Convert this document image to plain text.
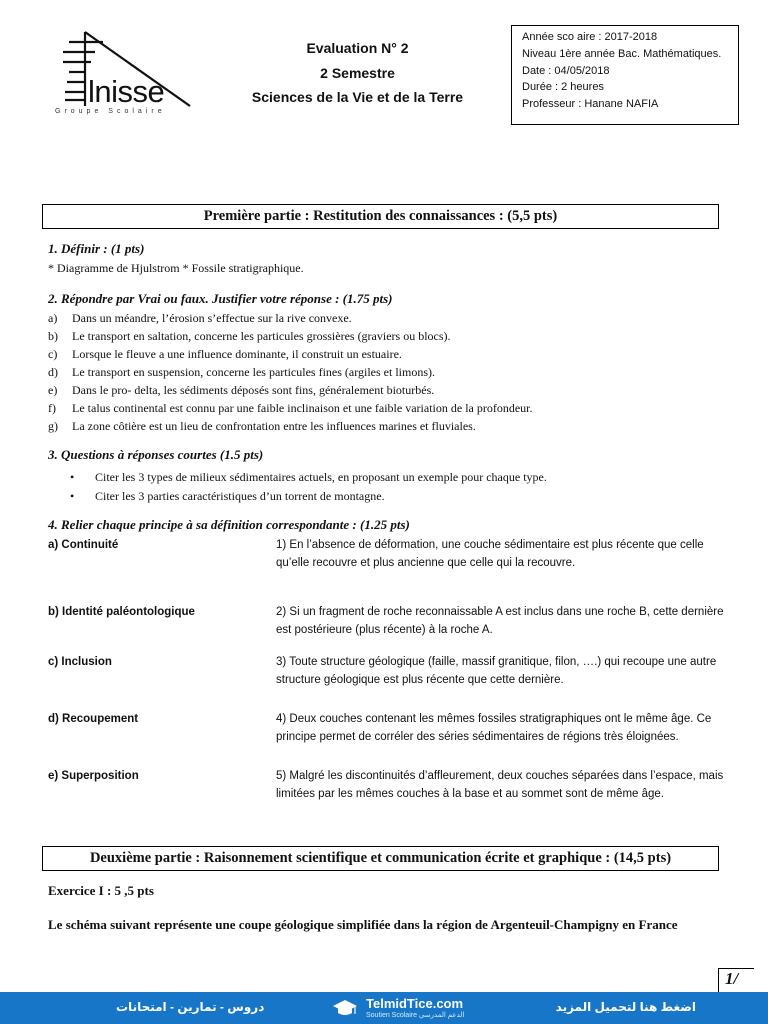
lnisse
Groupe Scolaire
Evaluation N° 2
2 Semestre
Sciences de la Vie et de la Terre
Année sco aire : 2017-2018
Niveau 1ère année Bac. Mathématiques.
Date : 04/05/2018
Durée : 2 heures
Professeur : Hanane NAFIA
Première partie : Restitution des connaissances : (5,5 pts)
1. Définir : (1 pts)
* Diagramme de Hjulstrom * Fossile stratigraphique.
2. Répondre par Vrai ou faux. Justifier votre réponse : (1.75 pts)
a) Dans un méandre, l’érosion s’effectue sur la rive convexe.
b) Le transport en saltation, concerne les particules grossières (graviers ou blocs).
c) Lorsque le fleuve a une influence dominante, il construit un estuaire.
d) Le transport en suspension, concerne les particules fines (argiles et limons).
e) Dans le pro- delta, les sédiments déposés sont fins, généralement bioturbés.
f) Le talus continental est connu par une faible inclinaison et une faible variation de la profondeur.
g) La zone côtière est un lieu de confrontation entre les influences marines et fluviales.
3. Questions à réponses courtes (1.5 pts)
• Citer les 3 types de milieux sédimentaires actuels, en proposant un exemple pour chaque type.
• Citer les 3 parties caractéristiques d’un torrent de montagne.
4. Relier chaque principe à sa définition correspondante : (1.25 pts)
a) Continuité	1) En l’absence de déformation, une couche sédimentaire est plus récente que celle qu’elle recouvre et plus ancienne que celle qui la recouvre.
b) Identité paléontologique	2) Si un fragment de roche reconnaissable A est inclus dans une roche B, cette dernière est postérieure (plus récente) à la roche A.
c) Inclusion	3) Toute structure géologique (faille, massif granitique, filon, ….) qui recoupe une autre structure géologique est plus récente que cette dernière.
d) Recoupement	4) Deux couches contenant les mêmes fossiles stratigraphiques ont le même âge. Ce principe permet de corréler des séries sédimentaires de régions très éloignées.
e) Superposition	5) Malgré les discontinuités d’affleurement, deux couches séparées dans l’espace, mais limitées par les mêmes couches à la base et au sommet sont de même âge.
Deuxième partie : Raisonnement scientifique et communication écrite et graphique : (14,5 pts)
Exercice I : 5 ,5 pts
Le schéma suivant représente une coupe géologique simplifiée dans la région de Argenteuil-Champigny en France
1/
دروس - تمارين - امتحانات	TelmidTice.com
Soutien Scolaire الدعم المدرسي
اضغط هنا لتحميل المزيد
